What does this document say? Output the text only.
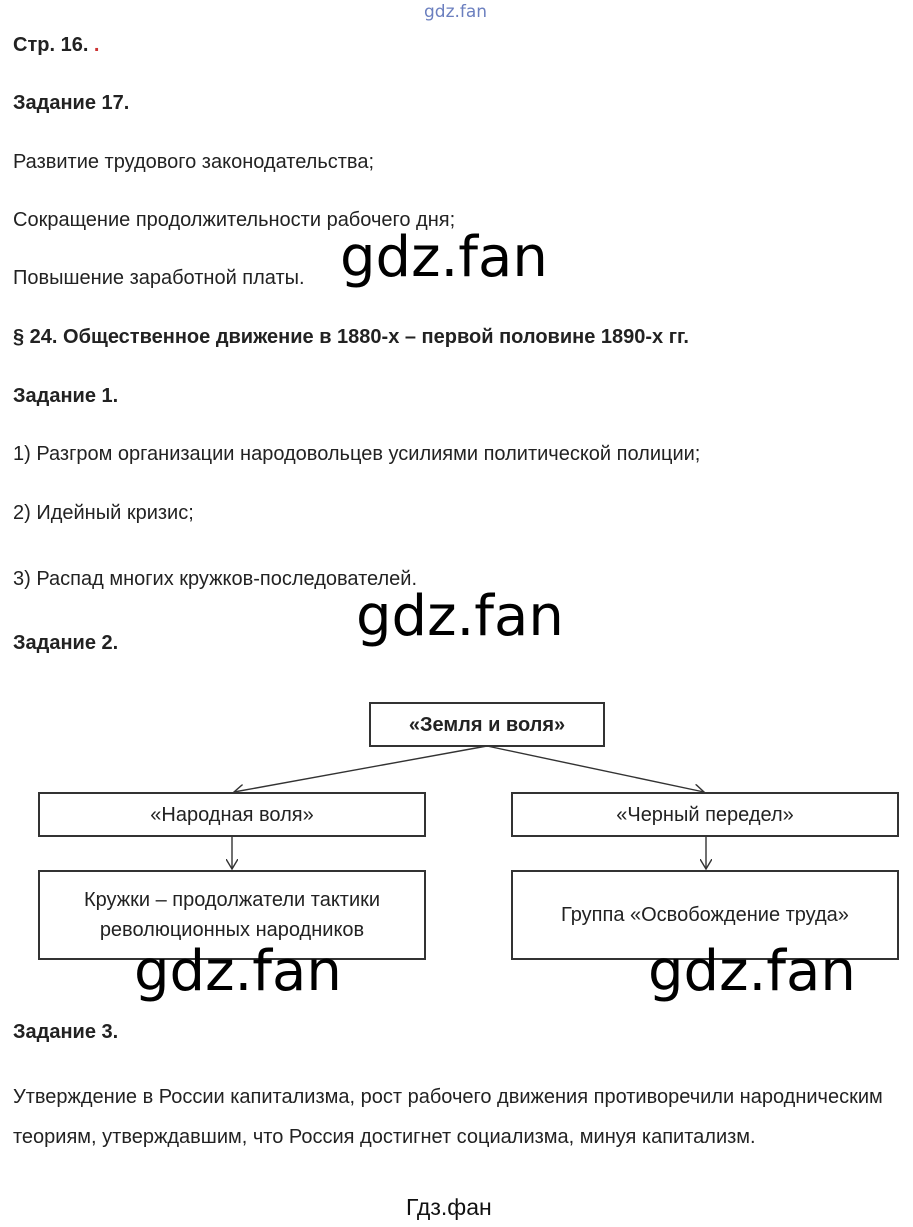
gdz.fan
Стр. 16. .
Задание 17.
Развитие трудового законодательства;
Сокращение продолжительности рабочего дня;
Повышение заработной платы.
§ 24. Общественное движение в 1880-х – первой половине 1890-х гг.
Задание 1.
1) Разгром организации народовольцев усилиями политической полиции;
2) Идейный кризис;
3) Распад многих кружков-последователей.
Задание 2.
«Земля и воля»
«Народная воля»	«Черный передел»
Кружки – продолжатели тактики революционных народников
Группа «Освобождение труда»
Задание 3.
Утверждение в России капитализма, рост рабочего движения противоречили народническим теориям, утверждавшим, что Россия достигнет социализма, минуя капитализм.
gdz.fan
gdz.fan
gdz.fan	gdz.fan
Гдз.фан
